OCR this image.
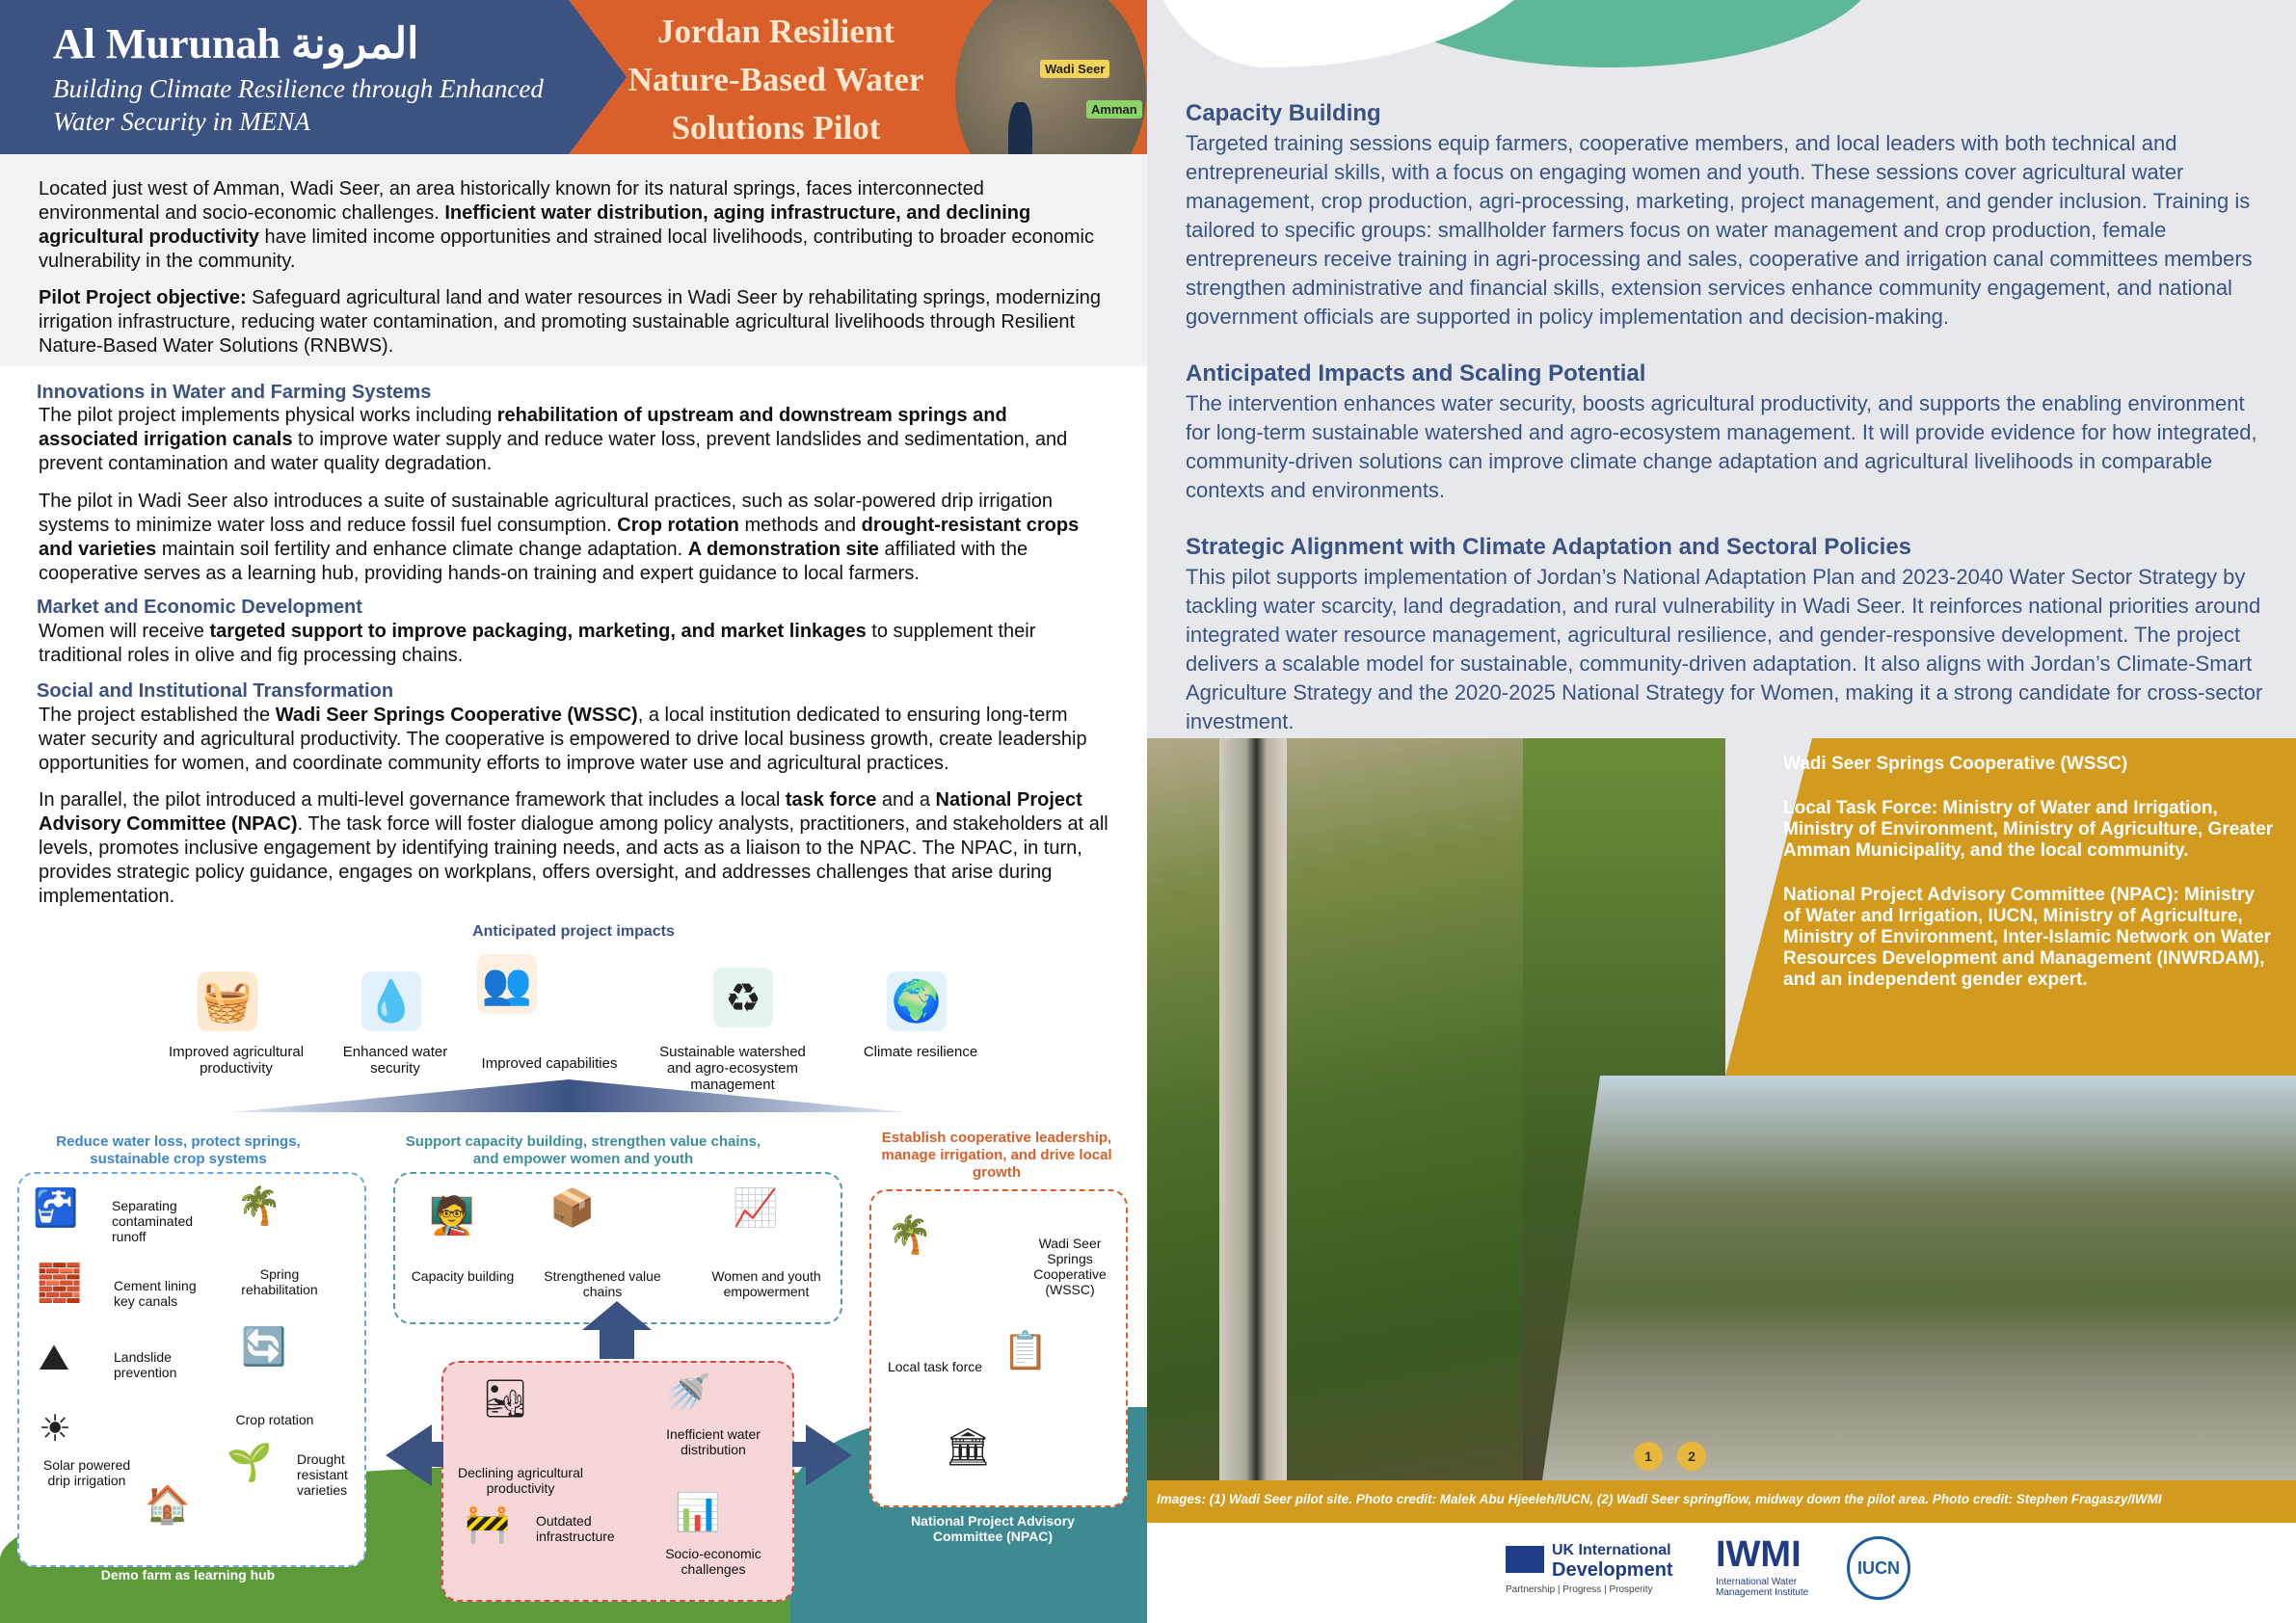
Al Murunah المرونة
Building Climate Resilience through Enhanced Water Security in MENA
Jordan Resilient Nature-Based Water Solutions Pilot
Wadi Seer
Amman

Located just west of Amman, Wadi Seer, an area historically known for its natural springs, faces interconnected environmental and socio-economic challenges. Inefficient water distribution, aging infrastructure, and declining agricultural productivity have limited income opportunities and strained local livelihoods, contributing to broader economic vulnerability in the community.

Pilot Project objective: Safeguard agricultural land and water resources in Wadi Seer by rehabilitating springs, modernizing irrigation infrastructure, reducing water contamination, and promoting sustainable agricultural livelihoods through Resilient Nature-Based Water Solutions (RNBWS).

Innovations in Water and Farming Systems

The pilot project implements physical works including rehabilitation of upstream and downstream springs and associated irrigation canals to improve water supply and reduce water loss, prevent landslides and sedimentation, and prevent contamination and water quality degradation.

The pilot in Wadi Seer also introduces a suite of sustainable agricultural practices, such as solar-powered drip irrigation systems to minimize water loss and reduce fossil fuel consumption. Crop rotation methods and drought-resistant crops and varieties maintain soil fertility and enhance climate change adaptation. A demonstration site affiliated with the cooperative serves as a learning hub, providing hands-on training and expert guidance to local farmers.

Market and Economic Development

Women will receive targeted support to improve packaging, marketing, and market linkages to supplement their traditional roles in olive and fig processing chains.

Social and Institutional Transformation

The project established the Wadi Seer Springs Cooperative (WSSC), a local institution dedicated to ensuring long-term water security and agricultural productivity. The cooperative is empowered to drive local business growth, create leadership opportunities for women, and coordinate community efforts to improve water use and agricultural practices.

In parallel, the pilot introduced a multi-level governance framework that includes a local task force and a National Project Advisory Committee (NPAC). The task force will foster dialogue among policy analysts, practitioners, and stakeholders at all levels, promotes inclusive engagement by identifying training needs, and acts as a liaison to the NPAC. The NPAC, in turn, provides strategic policy guidance, engages on workplans, offers oversight, and addresses challenges that arise during implementation.

Anticipated project impacts
🧺
Improved agricultural productivity
💧
Enhanced water security
👥
Improved capabilities
♻
Sustainable watershed and agro-ecosystem management
🌍
Climate resilience
Reduce water loss, protect springs, sustainable crop systems
🚰 Separating contaminated runoff
🌴
Spring rehabilitation
🧱 Cement lining key canals
⛰	Landslide prevention
🔄
Crop rotation
☀
Solar powered drip irrigation	🌱 Drought resistant varieties
🏠
Demo farm as learning hub
Support capacity building, strengthen value chains, and empower women and youth
🧑‍🏫
Capacity building
📦
Strengthened value chains
📈
Women and youth empowerment
🏜
Declining agricultural productivity
🚿
Inefficient water distribution
🚧 Outdated infrastructure
📊
Socio-economic challenges
Establish cooperative leadership, manage irrigation, and drive local growth
🌴	Wadi Seer Springs Cooperative (WSSC)
📋
Local task force
🏛
National Project Advisory Committee (NPAC)
Capacity Building

Targeted training sessions equip farmers, cooperative members, and local leaders with both technical and entrepreneurial skills, with a focus on engaging women and youth. These sessions cover agricultural water management, crop production, agri-processing, marketing, project management, and gender inclusion. Training is tailored to specific groups: smallholder farmers focus on water management and crop production, female entrepreneurs receive training in agri-processing and sales, cooperative and irrigation canal committees members strengthen administrative and financial skills, extension services enhance community engagement, and national government officials are supported in policy implementation and decision-making.

Anticipated Impacts and Scaling Potential

The intervention enhances water security, boosts agricultural productivity, and supports the enabling environment for long-term sustainable watershed and agro-ecosystem management. It will provide evidence for how integrated, community-driven solutions can improve climate change adaptation and agricultural livelihoods in comparable contexts and environments.

Strategic Alignment with Climate Adaptation and Sectoral Policies

This pilot supports implementation of Jordan’s National Adaptation Plan and 2023-2040 Water Sector Strategy by tackling water scarcity, land degradation, and rural vulnerability in Wadi Seer. It reinforces national priorities around integrated water resource management, agricultural resilience, and gender-responsive development. The project delivers a scalable model for sustainable, community-driven adaptation. It also aligns with Jordan’s Climate-Smart Agriculture Strategy and the 2020-2025 National Strategy for Women, making it a strong candidate for cross-sector investment.

Wadi Seer Springs Cooperative (WSSC)

Local Task Force: Ministry of Water and Irrigation, Ministry of Environment, Ministry of Agriculture, Greater Amman Municipality, and the local community.

National Project Advisory Committee (NPAC): Ministry of Water and Irrigation, IUCN, Ministry of Agriculture, Ministry of Environment, Inter-Islamic Network on Water Resources Development and Management (INWRDAM), and an independent gender expert.

1	2
Images: (1) Wadi Seer pilot site. Photo credit: Malek Abu Hjeeleh/IUCN, (2) Wadi Seer springflow, midway down the pilot area. Photo credit: Stephen Fragaszy/IWMI
UK International
Development
Partnership | Progress | Prosperity
IWMI
International Water Management Institute
IUCN
